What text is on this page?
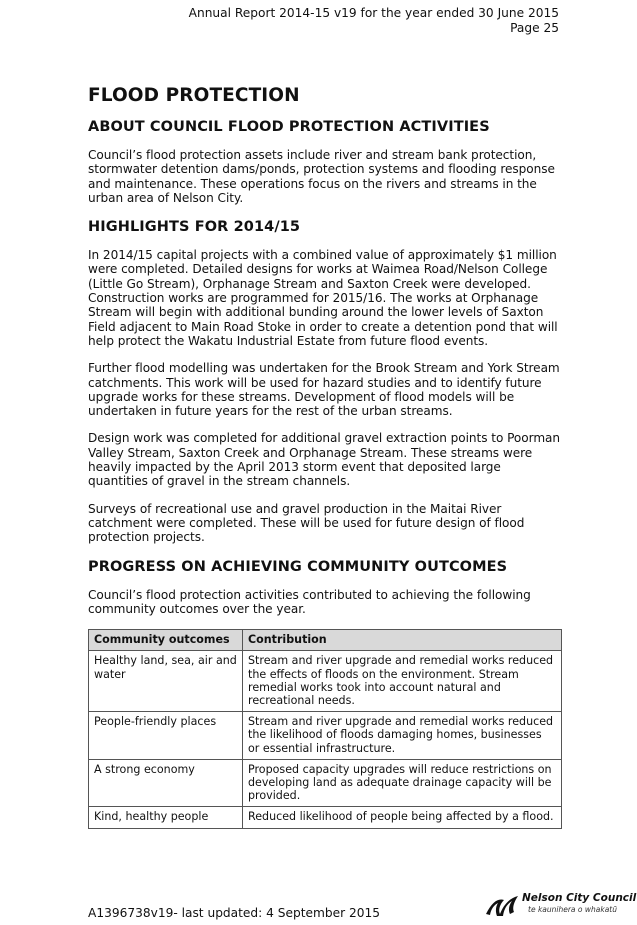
Annual Report 2014-15 v19 for the year ended 30 June 2015
Page 25
FLOOD PROTECTION
ABOUT COUNCIL FLOOD PROTECTION ACTIVITIES

Council’s flood protection assets include river and stream bank protection, stormwater detention dams/ponds, protection systems and flooding response and maintenance. These operations focus on the rivers and streams in the urban area of Nelson City.

HIGHLIGHTS FOR 2014/15

In 2014/15 capital projects with a combined value of approximately $1 million were completed. Detailed designs for works at Waimea Road/Nelson College (Little Go Stream), Orphanage Stream and Saxton Creek were developed. Construction works are programmed for 2015/16. The works at Orphanage Stream will begin with additional bunding around the lower levels of Saxton Field adjacent to Main Road Stoke in order to create a detention pond that will help protect the Wakatu Industrial Estate from future flood events.

Further flood modelling was undertaken for the Brook Stream and York Stream catchments. This work will be used for hazard studies and to identify future upgrade works for these streams. Development of flood models will be undertaken in future years for the rest of the urban streams.

Design work was completed for additional gravel extraction points to Poorman Valley Stream, Saxton Creek and Orphanage Stream. These streams were heavily impacted by the April 2013 storm event that deposited large quantities of gravel in the stream channels.

Surveys of recreational use and gravel production in the Maitai River catchment were completed. These will be used for future design of flood protection projects.

PROGRESS ON ACHIEVING COMMUNITY OUTCOMES

Council’s flood protection activities contributed to achieving the following community outcomes over the year.

Community outcomes	Contribution
Healthy land, sea, air and water	Stream and river upgrade and remedial works reduced the effects of floods on the environment. Stream remedial works took into account natural and recreational needs.
People-friendly places	Stream and river upgrade and remedial works reduced the likelihood of floods damaging homes, businesses or essential infrastructure.
A strong economy	Proposed capacity upgrades will reduce restrictions on developing land as adequate drainage capacity will be provided.
Kind, healthy people	Reduced likelihood of people being affected by a flood.
A1396738v19- last updated: 4 September 2015
Nelson City Council
te kaunihera o whakatū
